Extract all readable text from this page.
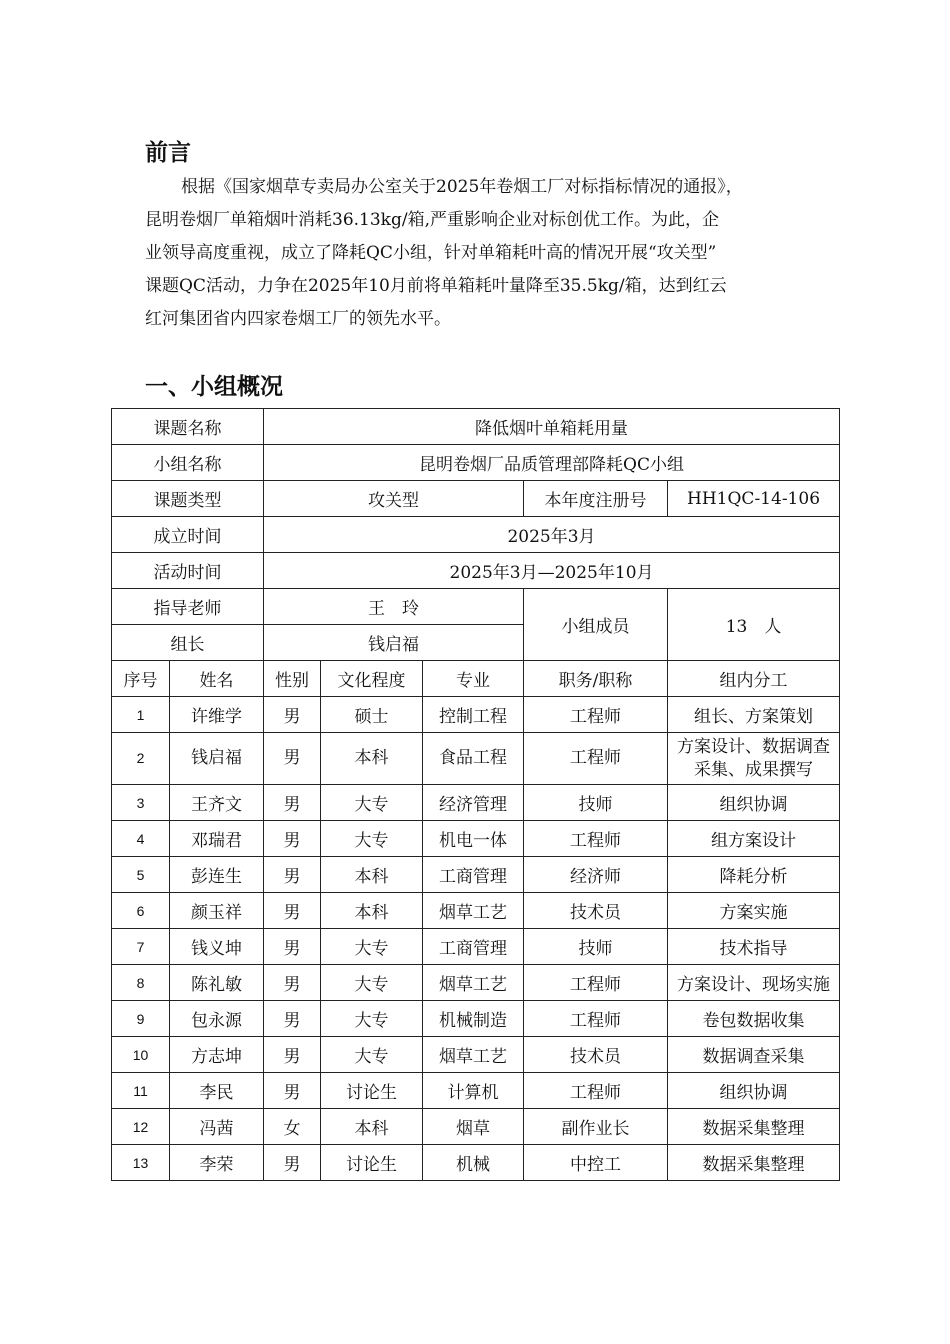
前言
根据《国家烟草专卖局办公室关于2025年卷烟工厂对标指标情况的通报》，
昆明卷烟厂单箱烟叶消耗36.13kg/箱,严重影响企业对标创优工作。为此，企
业领导高度重视，成立了降耗QC小组，针对单箱耗叶高的情况开展“攻关型”
课题QC活动，力争在2025年10月前将单箱耗叶量降至35.5kg/箱，达到红云
红河集团省内四家卷烟工厂的领先水平。
一、小组概况
课题名称		降低烟叶单箱耗用量				
小组名称		昆明卷烟厂品质管理部降耗QC小组				
课题类型		攻关型			本年度注册号	HH1QC-14-106
成立时间		2025年3月				
活动时间		2025年3月—2025年10月				
指导老师		王　玲			小组成员	13　人
组长		钱启福				
序号	姓名	性别	文化程度	专业	职务/职称	组内分工
1	许维学	男	硕士	控制工程	工程师	组长、方案策划
2	钱启福	男	本科	食品工程	工程师	方案设计、数据调查采集、成果撰写
3	王齐文	男	大专	经济管理	技师	组织协调
4	邓瑞君	男	大专	机电一体	工程师	组方案设计
5	彭连生	男	本科	工商管理	经济师	降耗分析
6	颜玉祥	男	本科	烟草工艺	技术员	方案实施
7	钱义坤	男	大专	工商管理	技师	技术指导
8	陈礼敏	男	大专	烟草工艺	工程师	方案设计、现场实施
9	包永源	男	大专	机械制造	工程师	卷包数据收集
10	方志坤	男	大专	烟草工艺	技术员	数据调查采集
11	李民	男	讨论生	计算机	工程师	组织协调
12	冯茜	女	本科	烟草	副作业长	数据采集整理
13	李荣	男	讨论生	机械	中控工	数据采集整理
